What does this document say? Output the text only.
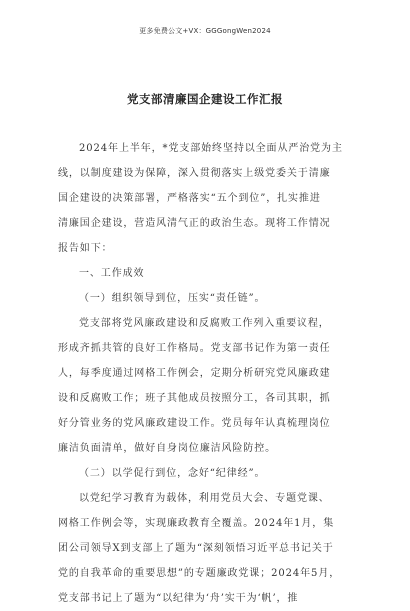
更多免费公文+VX：GGGongWen2024
党支部清廉国企建设工作汇报
2024年上半年，*党支部始终坚持以全面从严治党为主
线，以制度建设为保障，深入贯彻落实上级党委关于清廉
国企建设的决策部署，严格落实“五个到位”，扎实推进
清廉国企建设，营造风清气正的政治生态。现将工作情况
报告如下：
一、工作成效
（一）组织领导到位，压实“责任链”。
党支部将党风廉政建设和反腐败工作列入重要议程，
形成齐抓共管的良好工作格局。党支部书记作为第一责任
人，每季度通过网格工作例会，定期分析研究党风廉政建
设和反腐败工作；班子其他成员按照分工，各司其职，抓
好分管业务的党风廉政建设工作。党员每年认真梳理岗位
廉洁负面清单，做好自身岗位廉洁风险防控。
（二）以学促行到位，念好“纪律经”。
以党纪学习教育为载体，利用党员大会、专题党课、
网格工作例会等，实现廉政教育全覆盖。2024年1月，集
团公司领导X到支部上了题为“深刻领悟习近平总书记关于
党的自我革命的重要思想”的专题廉政党课；2024年5月，
党支部书记上了题为“以纪律为‘舟’实干为‘帆’，推
